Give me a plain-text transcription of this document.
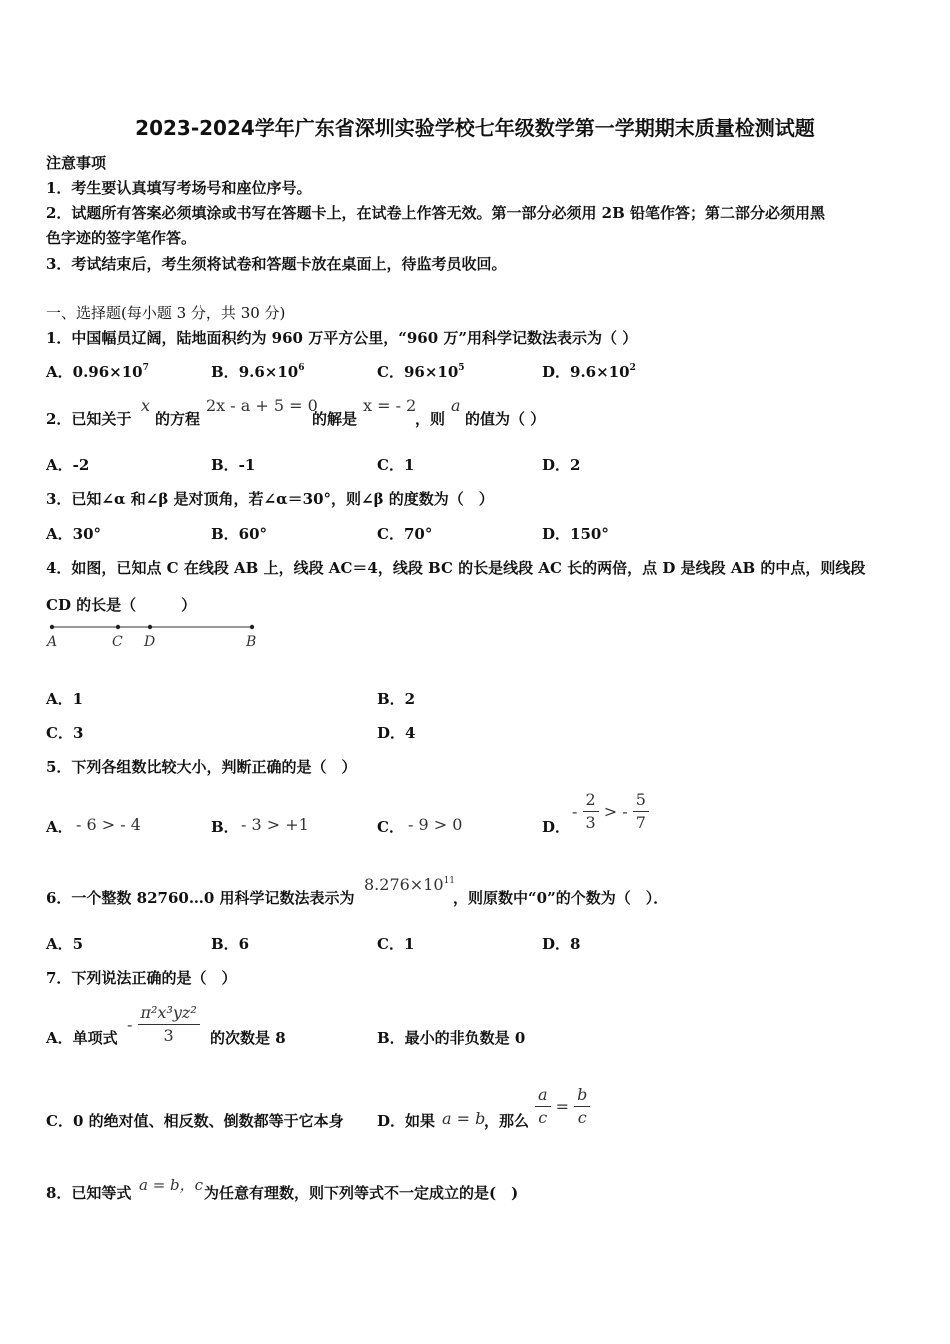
2023-2024学年广东省深圳实验学校七年级数学第一学期期末质量检测试题
注意事项
1．考生要认真填写考场号和座位序号。
2．试题所有答案必须填涂或书写在答题卡上，在试卷上作答无效。第一部分必须用 2B 铅笔作答；第二部分必须用黑
色字迹的签字笔作答。
3．考试结束后，考生须将试卷和答题卡放在桌面上，待监考员收回。
一、选择题(每小题 3 分，共 30 分)
1．中国幅员辽阔，陆地面积约为 960 万平方公里，“960 万”用科学记数法表示为（ ）
A．$0.96\times 10^7$	B．$9.6\times 10^6$	C．$96\times 10^5$	D．$9.6\times 10^2$
2．已知关于
x
的方程
2x - a + 5 = 0
的解是
x = - 2
，则
a
的值为（ ）
A．-2	B．-1	C．1	D．2
3．已知∠α 和∠β 是对顶角，若∠α＝30°，则∠β 的度数为（　）
A．30°	B．60°	C．70°	D．150°
4．如图，已知点 C 在线段 AB 上，线段 AC＝4，线段 BC 的长是线段 AC 长的两倍，点 D 是线段 AB 的中点，则线段
CD 的长是（　　　）
A	C D	B
A．1	B．2
C．3	D．4
5．下列各组数比较大小，判断正确的是（　）
A． - 6 > - 4	B． - 3 > +1	C． - 9 > 0	D．
- $\frac{2}{3}$ > - $\frac{5}{7}$
6．一个整数 82760…0 用科学记数法表示为
$8.276\times 10^{11}$
，则原数中“0”的个数为（　）．
A．5	B．6	C．1	D．8
7．下列说法正确的是（　）
A．单项式
- $\frac{\text{π²x³yz²}}{3}$ 的次数是 8	B．最小的非负数是 0
C．0 的绝对值、相反数、倒数都等于它本身 D．如果 a = b
，那么 $\frac{a}{c} = \frac{b}{c}$
8．已知等式 a = b，c 为任意有理数，则下列等式不一定成立的是(　)
